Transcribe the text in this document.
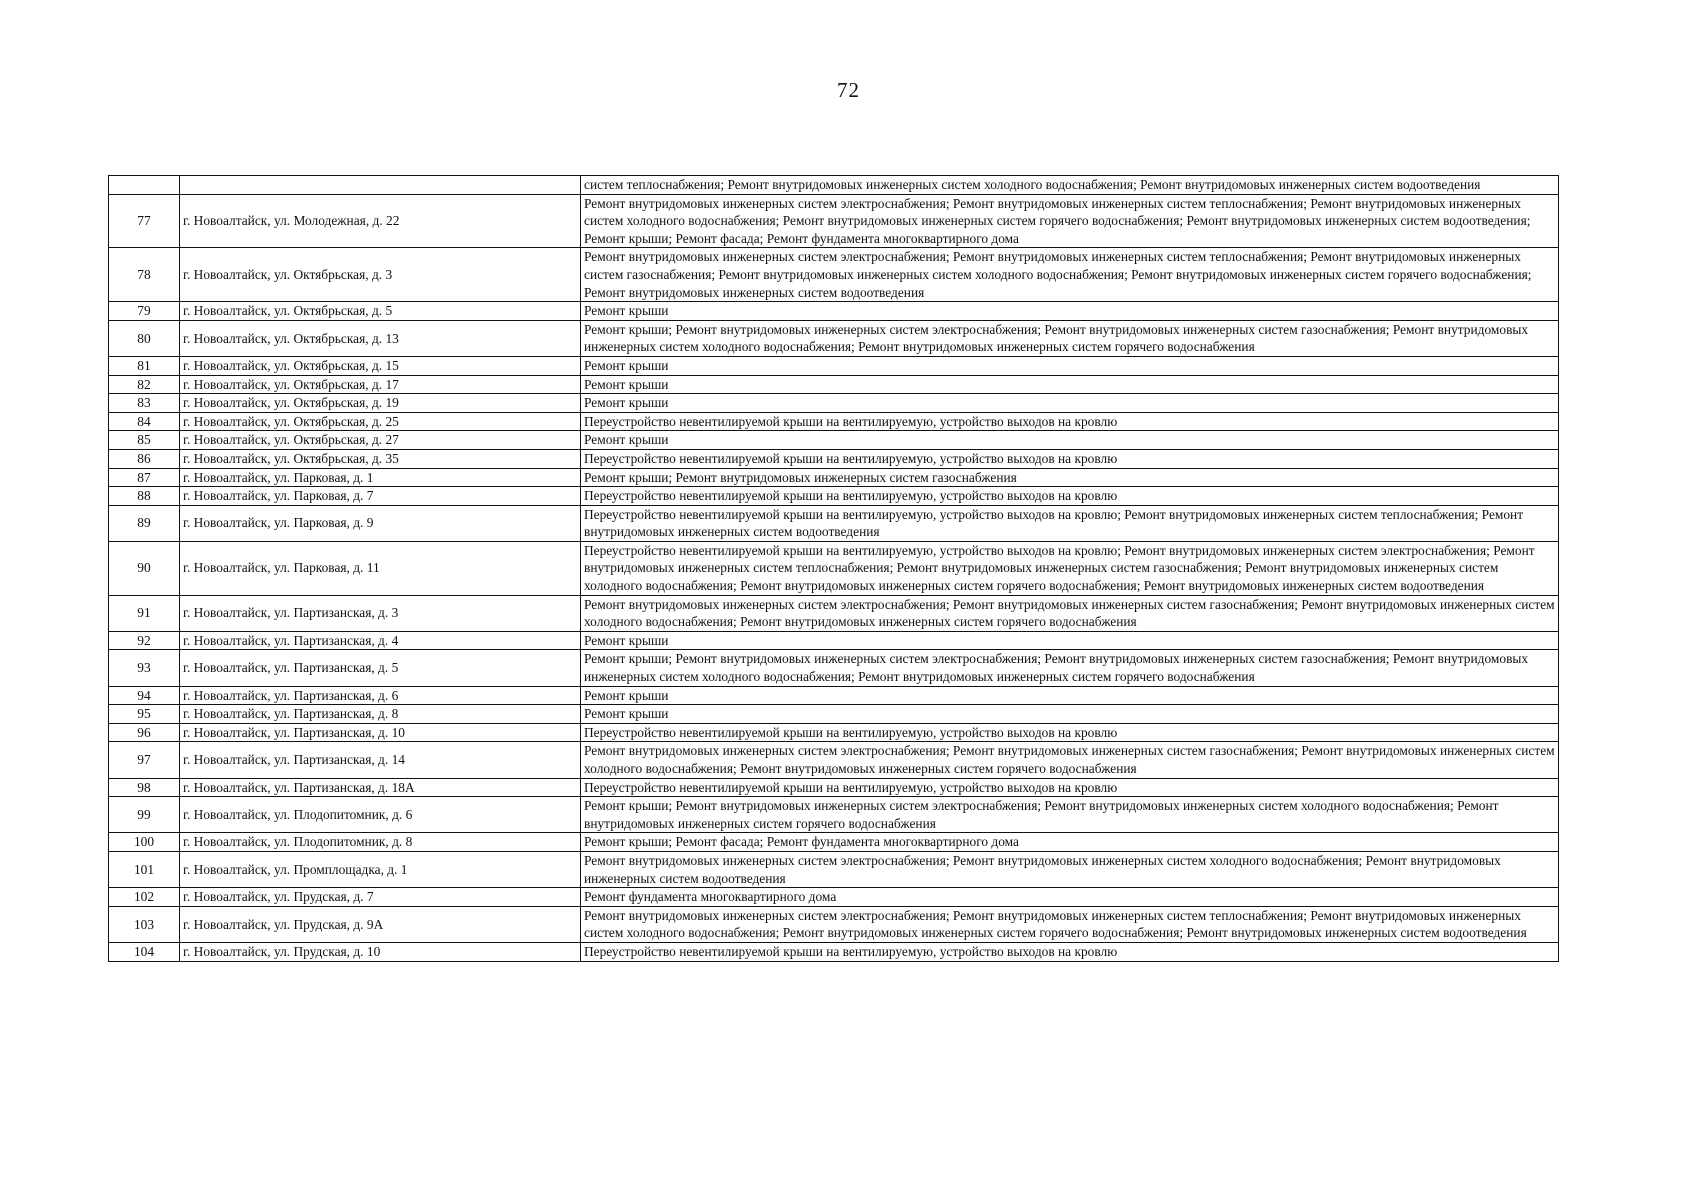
72
		систем теплоснабжения; Ремонт внутридомовых инженерных систем холодного водоснабжения; Ремонт внутридомовых инженерных систем водоотведения
77	г. Новоалтайск, ул. Молодежная, д. 22	Ремонт внутридомовых инженерных систем электроснабжения; Ремонт внутридомовых инженерных систем теплоснабжения; Ремонт внутридомовых инженерных систем холодного водоснабжения; Ремонт внутридомовых инженерных систем горячего водоснабжения; Ремонт внутридомовых инженерных систем водоотведения; Ремонт крыши; Ремонт фасада; Ремонт фундамента многоквартирного дома
78	г. Новоалтайск, ул. Октябрьская, д. 3	Ремонт внутридомовых инженерных систем электроснабжения; Ремонт внутридомовых инженерных систем теплоснабжения; Ремонт внутридомовых инженерных систем газоснабжения; Ремонт внутридомовых инженерных систем холодного водоснабжения; Ремонт внутридомовых инженерных систем горячего водоснабжения; Ремонт внутридомовых инженерных систем водоотведения
79	г. Новоалтайск, ул. Октябрьская, д. 5	Ремонт крыши
80	г. Новоалтайск, ул. Октябрьская, д. 13	Ремонт крыши; Ремонт внутридомовых инженерных систем электроснабжения; Ремонт внутридомовых инженерных систем газоснабжения; Ремонт внутридомовых инженерных систем холодного водоснабжения; Ремонт внутридомовых инженерных систем горячего водоснабжения
81	г. Новоалтайск, ул. Октябрьская, д. 15	Ремонт крыши
82	г. Новоалтайск, ул. Октябрьская, д. 17	Ремонт крыши
83	г. Новоалтайск, ул. Октябрьская, д. 19	Ремонт крыши
84	г. Новоалтайск, ул. Октябрьская, д. 25	Переустройство невентилируемой крыши на вентилируемую, устройство выходов на кровлю
85	г. Новоалтайск, ул. Октябрьская, д. 27	Ремонт крыши
86	г. Новоалтайск, ул. Октябрьская, д. 35	Переустройство невентилируемой крыши на вентилируемую, устройство выходов на кровлю
87	г. Новоалтайск, ул. Парковая, д. 1	Ремонт крыши; Ремонт внутридомовых инженерных систем газоснабжения
88	г. Новоалтайск, ул. Парковая, д. 7	Переустройство невентилируемой крыши на вентилируемую, устройство выходов на кровлю
89	г. Новоалтайск, ул. Парковая, д. 9	Переустройство невентилируемой крыши на вентилируемую, устройство выходов на кровлю; Ремонт внутридомовых инженерных систем теплоснабжения; Ремонт внутридомовых инженерных систем водоотведения
90	г. Новоалтайск, ул. Парковая, д. 11	Переустройство невентилируемой крыши на вентилируемую, устройство выходов на кровлю; Ремонт внутридомовых инженерных систем электроснабжения; Ремонт внутридомовых инженерных систем теплоснабжения; Ремонт внутридомовых инженерных систем газоснабжения; Ремонт внутридомовых инженерных систем холодного водоснабжения; Ремонт внутридомовых инженерных систем горячего водоснабжения; Ремонт внутридомовых инженерных систем водоотведения
91	г. Новоалтайск, ул. Партизанская, д. 3	Ремонт внутридомовых инженерных систем электроснабжения; Ремонт внутридомовых инженерных систем газоснабжения; Ремонт внутридомовых инженерных систем холодного водоснабжения; Ремонт внутридомовых инженерных систем горячего водоснабжения
92	г. Новоалтайск, ул. Партизанская, д. 4	Ремонт крыши
93	г. Новоалтайск, ул. Партизанская, д. 5	Ремонт крыши; Ремонт внутридомовых инженерных систем электроснабжения; Ремонт внутридомовых инженерных систем газоснабжения; Ремонт внутридомовых инженерных систем холодного водоснабжения; Ремонт внутридомовых инженерных систем горячего водоснабжения
94	г. Новоалтайск, ул. Партизанская, д. 6	Ремонт крыши
95	г. Новоалтайск, ул. Партизанская, д. 8	Ремонт крыши
96	г. Новоалтайск, ул. Партизанская, д. 10	Переустройство невентилируемой крыши на вентилируемую, устройство выходов на кровлю
97	г. Новоалтайск, ул. Партизанская, д. 14	Ремонт внутридомовых инженерных систем электроснабжения; Ремонт внутридомовых инженерных систем газоснабжения; Ремонт внутридомовых инженерных систем холодного водоснабжения; Ремонт внутридомовых инженерных систем горячего водоснабжения
98	г. Новоалтайск, ул. Партизанская, д. 18А	Переустройство невентилируемой крыши на вентилируемую, устройство выходов на кровлю
99	г. Новоалтайск, ул. Плодопитомник, д. 6	Ремонт крыши; Ремонт внутридомовых инженерных систем электроснабжения; Ремонт внутридомовых инженерных систем холодного водоснабжения; Ремонт внутридомовых инженерных систем горячего водоснабжения
100	г. Новоалтайск, ул. Плодопитомник, д. 8	Ремонт крыши; Ремонт фасада; Ремонт фундамента многоквартирного дома
101	г. Новоалтайск, ул. Промплощадка, д. 1	Ремонт внутридомовых инженерных систем электроснабжения; Ремонт внутридомовых инженерных систем холодного водоснабжения; Ремонт внутридомовых инженерных систем водоотведения
102	г. Новоалтайск, ул. Прудская, д. 7	Ремонт фундамента многоквартирного дома
103	г. Новоалтайск, ул. Прудская, д. 9А	Ремонт внутридомовых инженерных систем электроснабжения; Ремонт внутридомовых инженерных систем теплоснабжения; Ремонт внутридомовых инженерных систем холодного водоснабжения; Ремонт внутридомовых инженерных систем горячего водоснабжения; Ремонт внутридомовых инженерных систем водоотведения
104	г. Новоалтайск, ул. Прудская, д. 10	Переустройство невентилируемой крыши на вентилируемую, устройство выходов на кровлю
